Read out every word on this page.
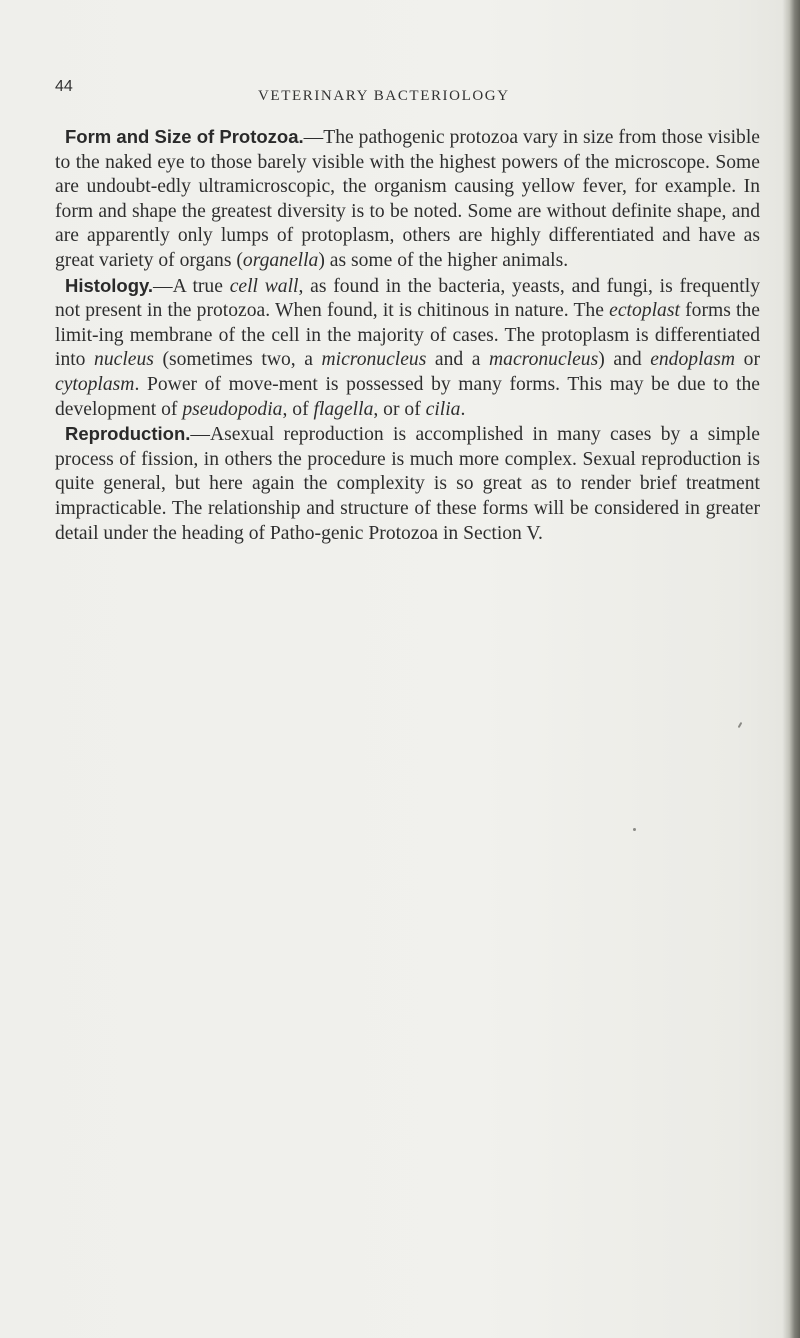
44
VETERINARY BACTERIOLOGY

Form and Size of Protozoa.—The pathogenic protozoa vary in size from those visible to the naked eye to those barely visible with the highest powers of the microscope. Some are undoubt-edly ultramicroscopic, the organism causing yellow fever, for example. In form and shape the greatest diversity is to be noted. Some are without definite shape, and are apparently only lumps of protoplasm, others are highly differentiated and have as great variety of organs (organella) as some of the higher animals.

Histology.—A true cell wall, as found in the bacteria, yeasts, and fungi, is frequently not present in the protozoa. When found, it is chitinous in nature. The ectoplast forms the limit-ing membrane of the cell in the majority of cases. The protoplasm is differentiated into nucleus (sometimes two, a micronucleus and a macronucleus) and endoplasm or cytoplasm. Power of move-ment is possessed by many forms. This may be due to the development of pseudopodia, of flagella, or of cilia.

Reproduction.—Asexual reproduction is accomplished in many cases by a simple process of fission, in others the procedure is much more complex. Sexual reproduction is quite general, but here again the complexity is so great as to render brief treatment impracticable. The relationship and structure of these forms will be considered in greater detail under the heading of Patho-genic Protozoa in Section V.
